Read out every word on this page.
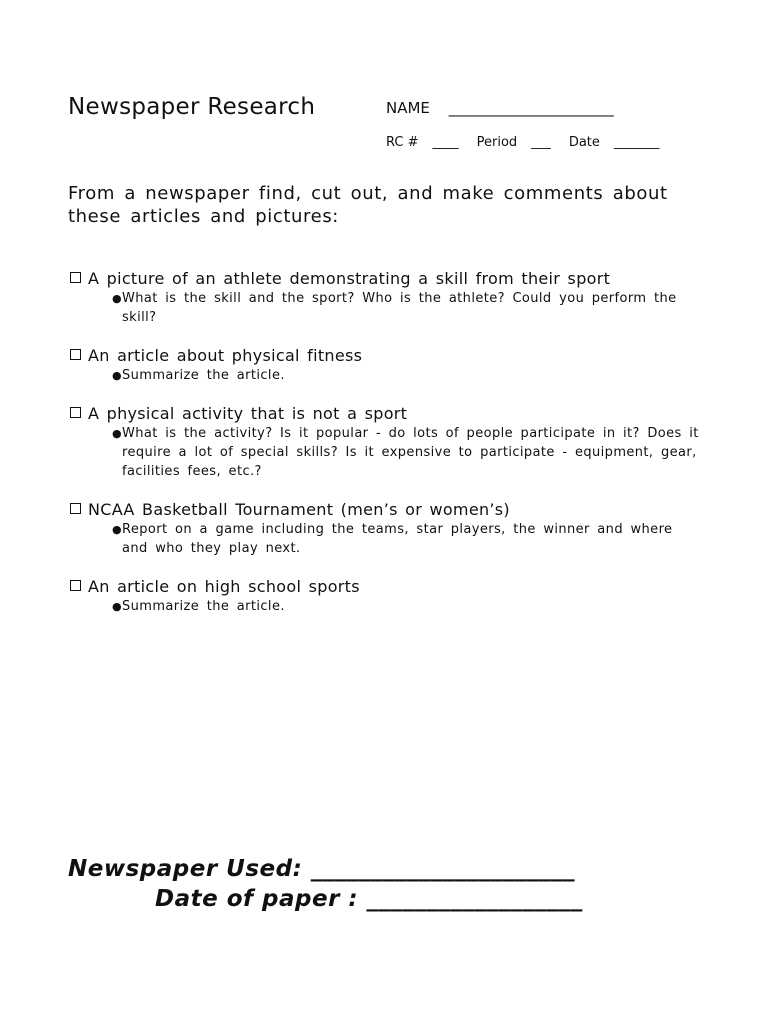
Newspaper Research	NAME ______________________
RC # ____ Period ___ Date _______
From a newspaper find, cut out, and make comments about these articles and pictures:
A picture of an athlete demonstrating a skill from their sport
● What is the skill and the sport? Who is the athlete? Could you perform the skill?
An article about physical fitness
● Summarize the article.
A physical activity that is not a sport
● What is the activity? Is it popular - do lots of people participate in it? Does it require a lot of special skills? Is it expensive to participate - equipment, gear, facilities fees, etc.?
NCAA Basketball Tournament (men’s or women’s)
● Report on a game including the teams, star players, the winner and where and who they play next.
An article on high school sports
● Summarize the article.
Newspaper Used: ______________________
Date of paper : __________________
